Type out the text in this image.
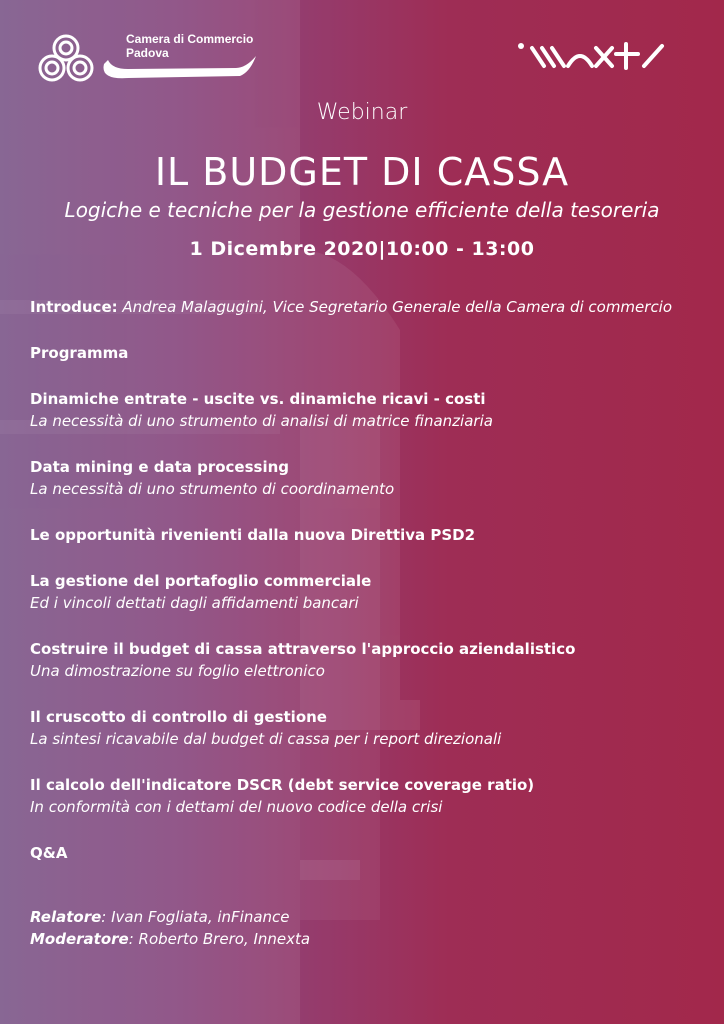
Camera di Commercio
Padova
Webinar
IL BUDGET DI CASSA
Logiche e tecniche per la gestione efficiente della tesoreria
1 Dicembre 2020|10:00 - 13:00
Introduce: Andrea Malagugini, Vice Segretario Generale della Camera di commercio
Programma
Dinamiche entrate - uscite vs. dinamiche ricavi - costi
La necessità di uno strumento di analisi di matrice finanziaria
Data mining e data processing
La necessità di uno strumento di coordinamento
Le opportunità rivenienti dalla nuova Direttiva PSD2
La gestione del portafoglio commerciale
Ed i vincoli dettati dagli affidamenti bancari
Costruire il budget di cassa attraverso l'approccio aziendalistico
Una dimostrazione su foglio elettronico
Il cruscotto di controllo di gestione
La sintesi ricavabile dal budget di cassa per i report direzionali
Il calcolo dell'indicatore DSCR (debt service coverage ratio)
In conformità con i dettami del nuovo codice della crisi
Q&A
Relatore: Ivan Fogliata, inFinance
Moderatore: Roberto Brero, Innexta
